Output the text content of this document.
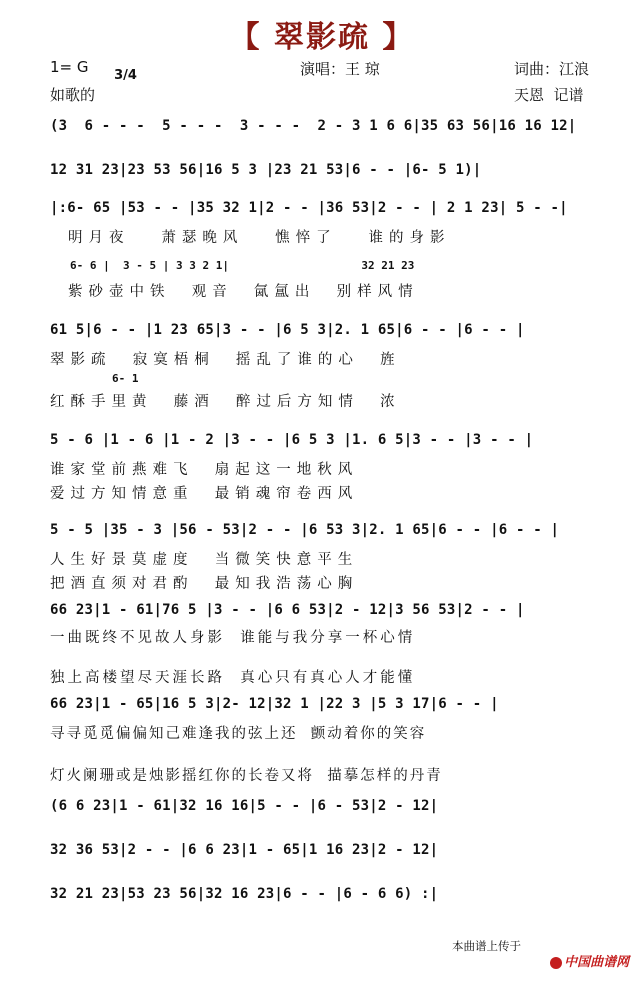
【 翠影疏 】
1= G	3/4
	演唱：王 琼	词曲：江浪
如歌的	天恩  记谱
(3  6 - - -  5 - - -  3 - - -  2 - 3 1 6 6|35 63 56|16 16 12|
12 31 23|23 53 56|16 5 3 |23 21 53|6 - - |6- 5 1)|
|:6- 65 |53 - - |35 32 1|2 - - |36 53|2 - - | 2 1 23| 5 - -|
明月夜   萧瑟晚风   憔悴了   谁的身影
6- 6 |  3 - 5 | 3 3 2 1|                    32 21 23
紫砂壶中铁  观音  氤氲出  别样风情
61 5|6 - - |1 23 65|3 - - |6 5 3|2. 1 65|6 - - |6 - - |
翠影疏  寂寞梧桐  摇乱了谁的心  旌
6- 1
红酥手里黄  藤酒  醉过后方知情  浓
5 - 6 |1 - 6 |1 - 2 |3 - - |6 5 3 |1. 6 5|3 - - |3 - - |
谁家堂前燕难飞  扇起这一地秋风
爱过方知情意重  最销魂帘卷西风
5 - 5 |35 - 3 |56 - 53|2 - - |6 53 3|2. 1 65|6 - - |6 - - |
人生好景莫虚度  当微笑快意平生
把酒直须对君酌  最知我浩荡心胸
66 23|1 - 61|76 5 |3 - - |6 6 53|2 - 12|3 56 53|2 - - |
一曲既终不见故人身影  谁能与我分享一杯心情
独上高楼望尽天涯长路  真心只有真心人才能懂
66 23|1 - 65|16 5 3|2- 12|32 1 |22 3 |5 3 17|6 - - |
寻寻觅觅偏偏知己难逢我的弦上还  颤动着你的笑容
灯火阑珊或是烛影摇红你的长卷又将  描摹怎样的丹青
(6 6 23|1 - 61|32 16 16|5 - - |6 - 53|2 - 12|
32 36 53|2 - - |6 6 23|1 - 65|1 16 23|2 - 12|
32 21 23|53 23 56|32 16 23|6 - - |6 - 6 6) :|
本曲谱上传于

中国曲谱网
